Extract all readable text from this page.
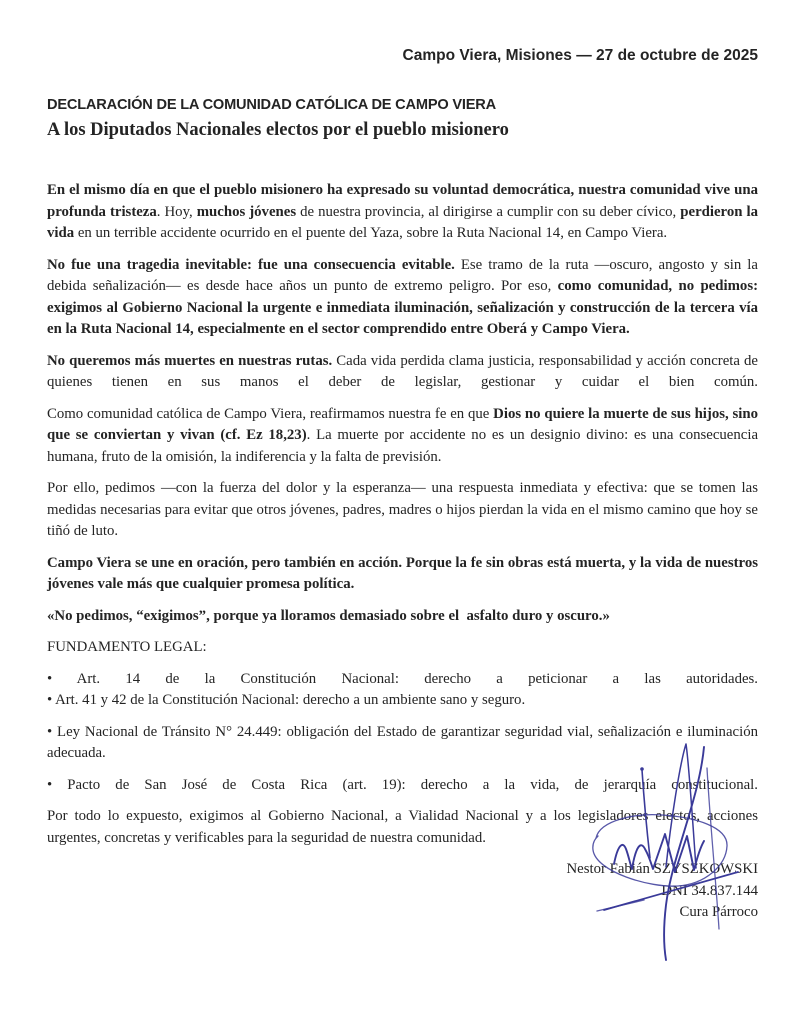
Campo Viera, Misiones — 27 de octubre de 2025
DECLARACIÓN DE LA COMUNIDAD CATÓLICA DE CAMPO VIERA
A los Diputados Nacionales electos por el pueblo misionero

En el mismo día en que el pueblo misionero ha expresado su voluntad democrática, nuestra comunidad vive una profunda tristeza. Hoy, muchos jóvenes de nuestra provincia, al dirigirse a cumplir con su deber cívico, perdieron la vida en un terrible accidente ocurrido en el puente del Yaza, sobre la Ruta Nacional 14, en Campo Viera.

No fue una tragedia inevitable: fue una consecuencia evitable. Ese tramo de la ruta —oscuro, angosto y sin la debida señalización— es desde hace años un punto de extremo peligro. Por eso, como comunidad, no pedimos: exigimos al Gobierno Nacional la urgente e inmediata iluminación, señalización y construcción de la tercera vía en la Ruta Nacional 14, especialmente en el sector comprendido entre Oberá y Campo Viera.

No queremos más muertes en nuestras rutas. Cada vida perdida clama justicia, responsabilidad y acción concreta de quienes tienen en sus manos el deber de legislar, gestionar y cuidar el bien común.

Como comunidad católica de Campo Viera, reafirmamos nuestra fe en que Dios no quiere la muerte de sus hijos, sino que se conviertan y vivan (cf. Ez 18,23). La muerte por accidente no es un designio divino: es una consecuencia humana, fruto de la omisión, la indiferencia y la falta de previsión.

Por ello, pedimos —con la fuerza del dolor y la esperanza— una respuesta inmediata y efectiva: que se tomen las medidas necesarias para evitar que otros jóvenes, padres, madres o hijos pierdan la vida en el mismo camino que hoy se tiñó de luto.

Campo Viera se une en oración, pero también en acción. Porque la fe sin obras está muerta, y la vida de nuestros jóvenes vale más que cualquier promesa política.

«No pedimos, “exigimos”, porque ya lloramos demasiado sobre el  asfalto duro y oscuro.»

FUNDAMENTO LEGAL:

• Art. 14 de la Constitución Nacional: derecho a peticionar a las autoridades.

• Art. 41 y 42 de la Constitución Nacional: derecho a un ambiente sano y seguro.

• Ley Nacional de Tránsito N° 24.449: obligación del Estado de garantizar seguridad vial, señalización e iluminación adecuada.

• Pacto de San José de Costa Rica (art. 19): derecho a la vida, de jerarquía constitucional.

Por todo lo expuesto, exigimos al Gobierno Nacional, a Vialidad Nacional y a los legisladores electos, acciones urgentes, concretas y verificables para la seguridad de nuestra comunidad.

Nestor Fabián SZYSZKOWSKI
DNI 34.837.144
Cura Párroco
